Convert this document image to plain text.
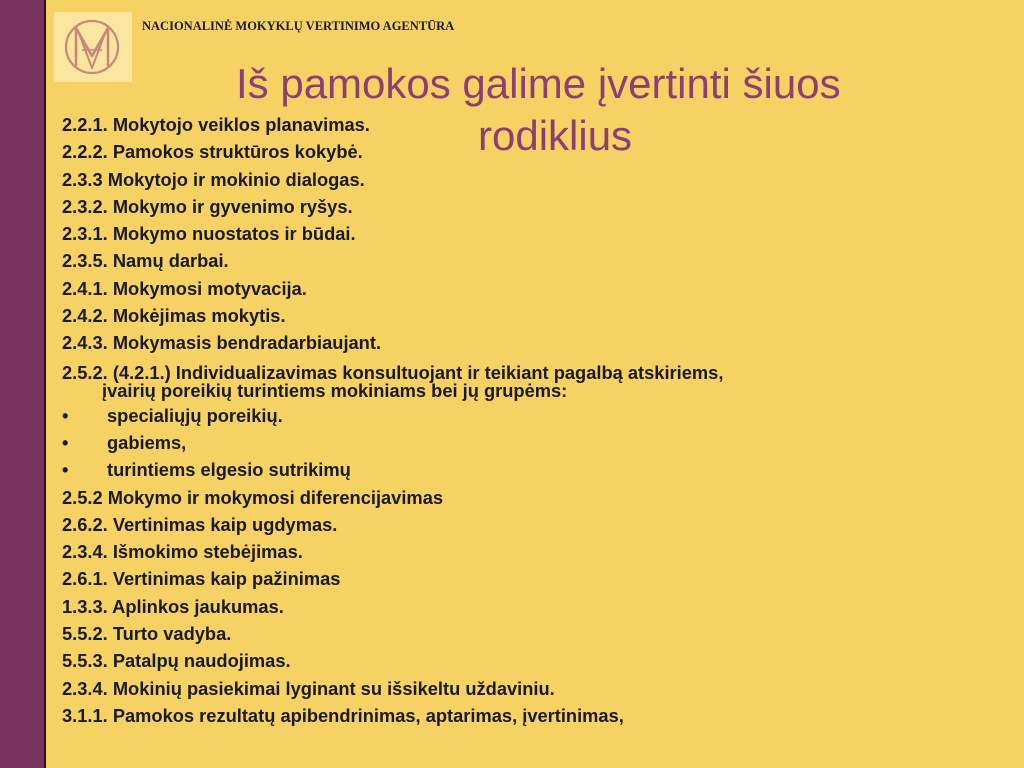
NACIONALINĖ MOKYKLŲ VERTINIMO AGENTŪRA
Iš pamokos galime įvertinti šiuos
rodiklius
2.2.1. Mokytojo veiklos planavimas.
2.2.2. Pamokos struktūros kokybė.
2.3.3 Mokytojo ir mokinio dialogas.
2.3.2. Mokymo ir gyvenimo ryšys.
2.3.1. Mokymo nuostatos ir būdai.
2.3.5. Namų darbai.
2.4.1. Mokymosi motyvacija.
2.4.2. Mokėjimas mokytis.
2.4.3. Mokymasis bendradarbiaujant.
2.5.2. (4.2.1.) Individualizavimas konsultuojant ir teikiant pagalbą atskiriems,
įvairių poreikių turintiems mokiniams bei jų grupėms:
• specialiųjų poreikių.
• gabiems,
• turintiems elgesio sutrikimų
2.5.2 Mokymo ir mokymosi diferencijavimas
2.6.2. Vertinimas kaip ugdymas.
2.3.4. Išmokimo stebėjimas.
2.6.1. Vertinimas kaip pažinimas
1.3.3. Aplinkos jaukumas.
5.5.2. Turto vadyba.
5.5.3. Patalpų naudojimas.
2.3.4. Mokinių pasiekimai lyginant su išsikeltu uždaviniu.
3.1.1. Pamokos rezultatų apibendrinimas, aptarimas, įvertinimas,
